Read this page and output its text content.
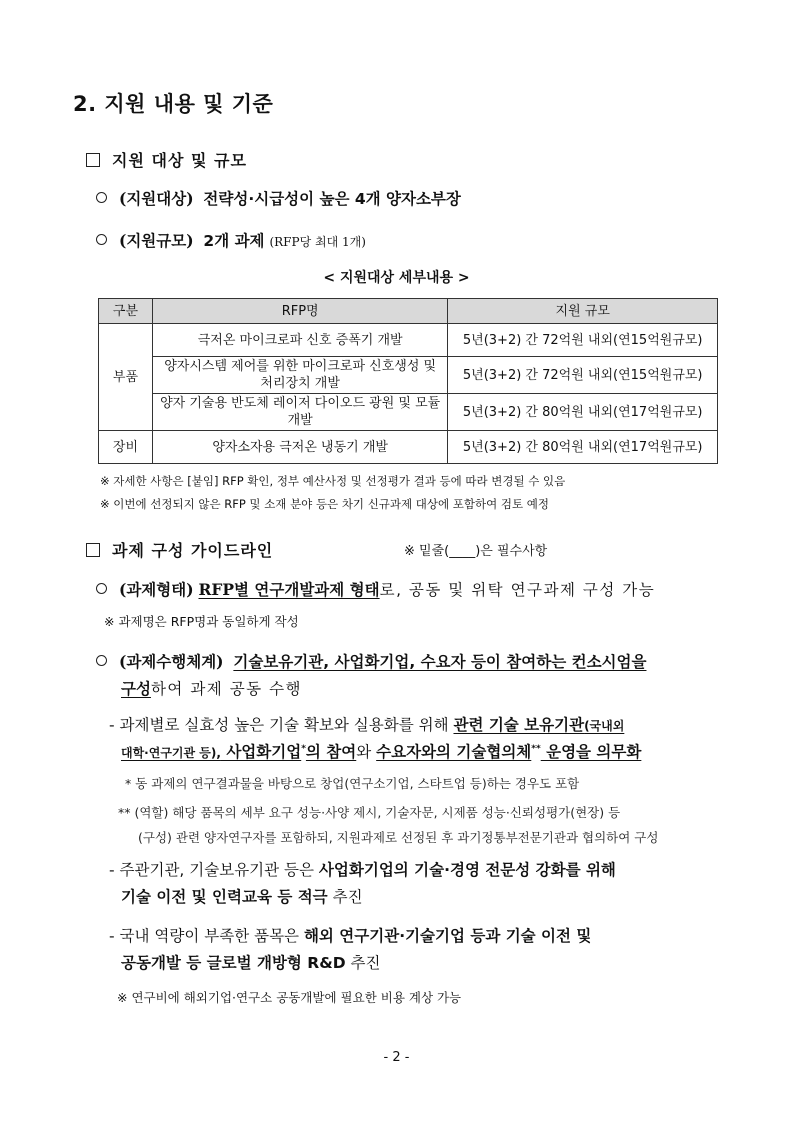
2. 지원 내용 및 기준
지원 대상 및 규모
(지원대상) 전략성·시급성이 높은 4개 양자소부장
(지원규모) 2개 과제 (RFP당 최대 1개)
< 지원대상 세부내용 >
구분	RFP명	지원 규모
부품	극저온 마이크로파 신호 증폭기 개발	5년(3+2) 간 72억원 내외(연15억원규모)
	양자시스템 제어를 위한 마이크로파 신호생성 및 처리장치 개발	5년(3+2) 간 72억원 내외(연15억원규모)
	양자 기술용 반도체 레이저 다이오드 광원 및 모듈 개발	5년(3+2) 간 80억원 내외(연17억원규모)
장비	양자소자용 극저온 냉동기 개발	5년(3+2) 간 80억원 내외(연17억원규모)
※ 자세한 사항은 [붙임] RFP 확인, 정부 예산사정 및 선정평가 결과 등에 따라 변경될 수 있음
※ 이번에 선정되지 않은 RFP 및 소재 분야 등은 차기 신규과제 대상에 포함하여 검토 예정
과제 구성 가이드라인	※ 밑줄(____)은 필수사항
(과제형태) RFP별 연구개발과제 형태로, 공동 및 위탁 연구과제 구성 가능
※ 과제명은 RFP명과 동일하게 작성
(과제수행체계) 기술보유기관, 사업화기업, 수요자 등이 참여하는 컨소시엄을
구성하여 과제 공동 수행
- 과제별로 실효성 높은 기술 확보와 실용화를 위해 관련 기술 보유기관(국내외
대학·연구기관 등), 사업화기업*의 참여와 수요자와의 기술협의체** 운영을 의무화
* 동 과제의 연구결과물을 바탕으로 창업(연구소기업, 스타트업 등)하는 경우도 포함
** (역할) 해당 품목의 세부 요구 성능·사양 제시, 기술자문, 시제품 성능·신뢰성평가(현장) 등
(구성) 관련 양자연구자를 포함하되, 지원과제로 선정된 후 과기정통부전문기관과 협의하여 구성
- 주관기관, 기술보유기관 등은 사업화기업의 기술·경영 전문성 강화를 위해
기술 이전 및 인력교육 등 적극 추진
- 국내 역량이 부족한 품목은 해외 연구기관·기술기업 등과 기술 이전 및
공동개발 등 글로벌 개방형 R&D 추진
※ 연구비에 해외기업·연구소 공동개발에 필요한 비용 계상 가능
- 2 -
